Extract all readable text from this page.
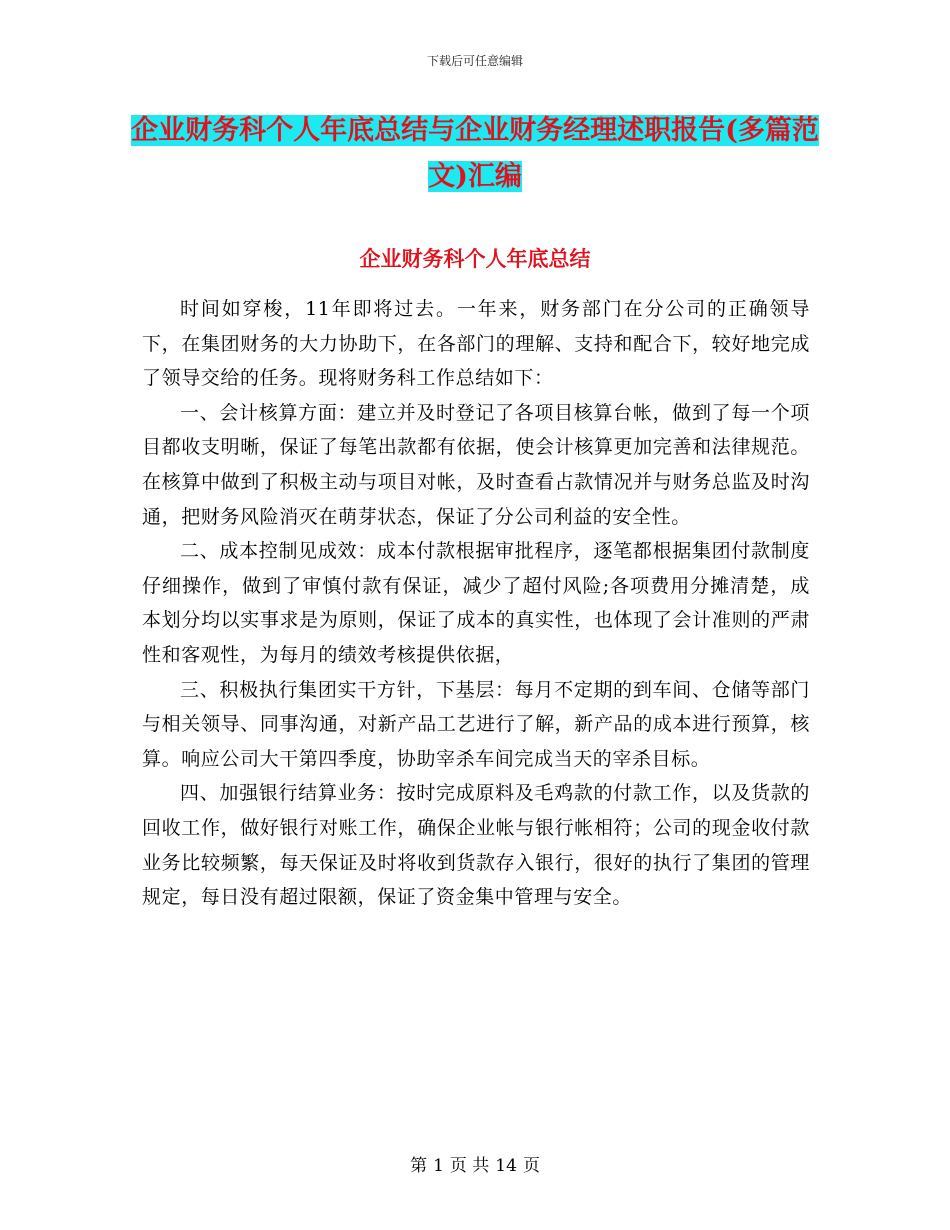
下载后可任意编辑
企业财务科个人年底总结与企业财务经理述职报告(多篇范文)汇编
企业财务科个人年底总结

时间如穿梭，11年即将过去。一年来，财务部门在分公司的正确领导下，在集团财务的大力协助下，在各部门的理解、支持和配合下，较好地完成了领导交给的任务。现将财务科工作总结如下：

一、会计核算方面：建立并及时登记了各项目核算台帐，做到了每一个项目都收支明晰，保证了每笔出款都有依据，使会计核算更加完善和法律规范。在核算中做到了积极主动与项目对帐，及时查看占款情况并与财务总监及时沟通，把财务风险消灭在萌芽状态，保证了分公司利益的安全性。

二、成本控制见成效：成本付款根据审批程序，逐笔都根据集团付款制度仔细操作，做到了审慎付款有保证，减少了超付风险;各项费用分摊清楚，成本划分均以实事求是为原则，保证了成本的真实性，也体现了会计准则的严肃性和客观性，为每月的绩效考核提供依据，

三、积极执行集团实干方针，下基层：每月不定期的到车间、仓储等部门与相关领导、同事沟通，对新产品工艺进行了解，新产品的成本进行预算，核算。响应公司大干第四季度，协助宰杀车间完成当天的宰杀目标。

四、加强银行结算业务：按时完成原料及毛鸡款的付款工作，以及货款的回收工作，做好银行对账工作，确保企业帐与银行帐相符；公司的现金收付款业务比较频繁，每天保证及时将收到货款存入银行，很好的执行了集团的管理规定，每日没有超过限额，保证了资金集中管理与安全。

第 1 页 共 14 页
